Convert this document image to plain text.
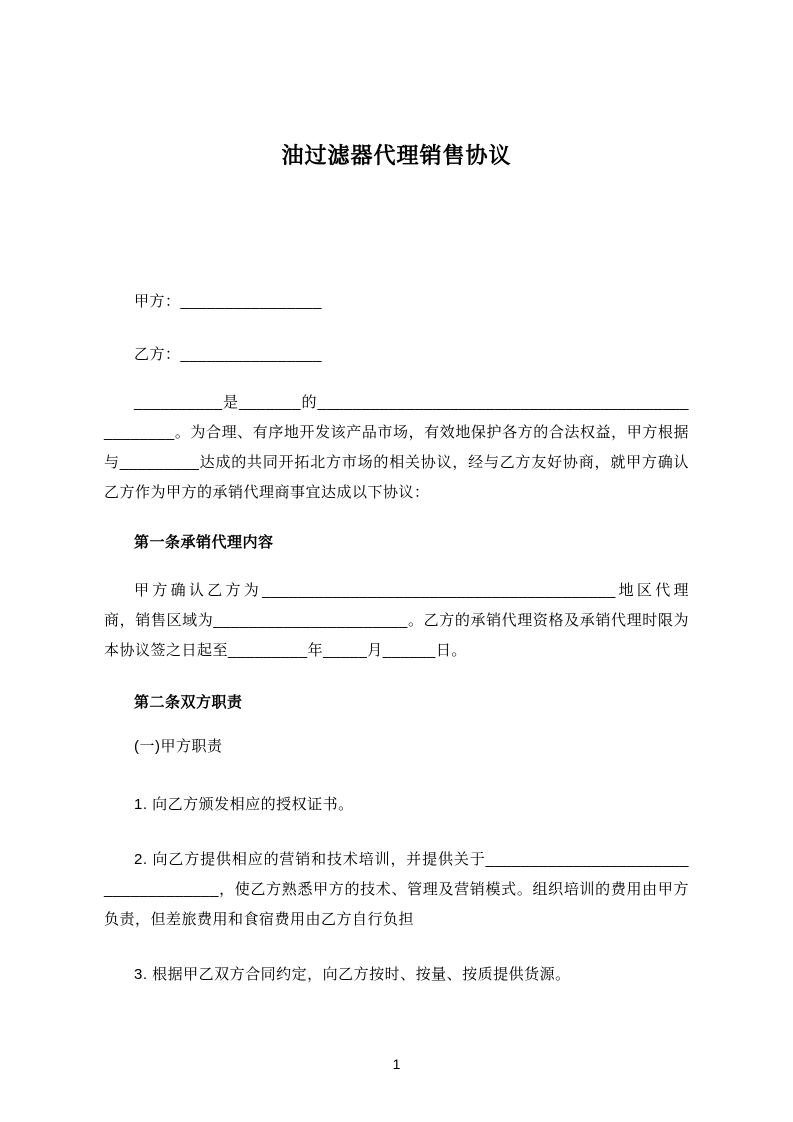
油过滤器代理销售协议

甲方：________________

乙方：________________

__________是_______的__________________________________________________。为合理、有序地开发该产品市场，有效地保护各方的合法权益，甲方根据与_________达成的共同开拓北方市场的相关协议，经与乙方友好协商，就甲方确认乙方作为甲方的承销代理商事宜达成以下协议：

第一条承销代理内容

甲方确认乙方为________________________________________地区代理商，销售区域为______________________。乙方的承销代理资格及承销代理时限为本协议签之日起至_________年_____月______日。

第二条双方职责

(一)甲方职责

1. 向乙方颁发相应的授权证书。

2. 向乙方提供相应的营销和技术培训，并提供关于____________________________________，使乙方熟悉甲方的技术、管理及营销模式。组织培训的费用由甲方负责，但差旅费用和食宿费用由乙方自行负担

3. 根据甲乙双方合同约定，向乙方按时、按量、按质提供货源。

1
